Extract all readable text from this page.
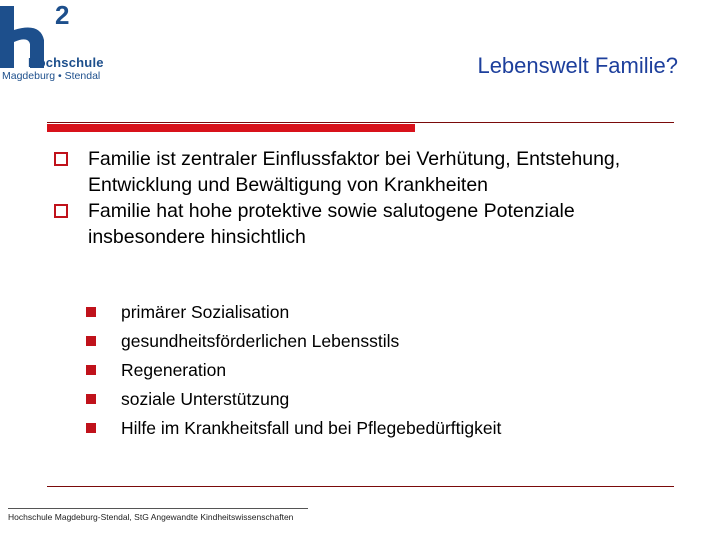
2
Hochschule
Magdeburg • Stendal	Lebenswelt Familie?
Familie ist zentraler Einflussfaktor bei Verhütung, Entstehung, Entwicklung und Bewältigung von Krankheiten
Familie hat hohe protektive sowie salutogene Potenziale insbesondere hinsichtlich
primärer Sozialisation
gesundheitsförderlichen Lebensstils
Regeneration
soziale Unterstützung
Hilfe im Krankheitsfall und bei Pflegebedürftigkeit
Hochschule Magdeburg-Stendal, StG Angewandte Kindheitswissenschaften
